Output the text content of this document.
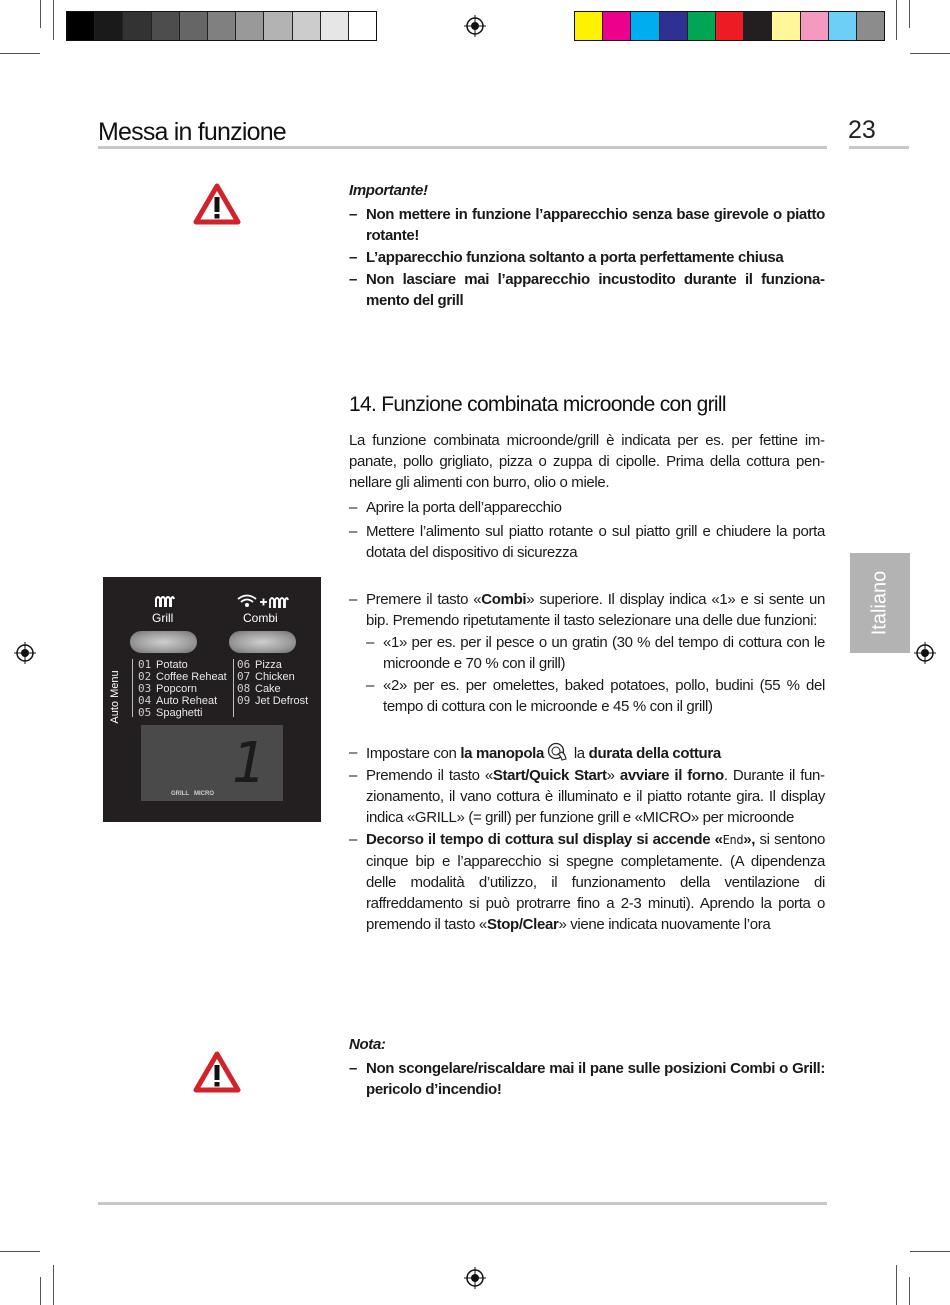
Messa in funzione	23
Italiano
Importante!
– Non mettere in funzione l’apparecchio senza base girevole o piatto rotante!
– L’apparecchio funziona soltanto a porta perfettamente chiusa
– Non lasciare mai l’apparecchio incustodito durante il funzionamento del grill
14. Funzione combinata microonde con grill

La funzione combinata microonde/grill è indicata per es. per fettine impanate, pollo grigliato, pizza o zuppa di cipolle. Prima della cottura pennellare gli alimenti con burro, olio o miele.

– Aprire la porta dell’apparecchio
– Mettere l’alimento sul piatto rotante o sul piatto grill e chiudere la porta dotata del dispositivo di sicurezza
– Premere il tasto «Combi» superiore. Il display indica «1» e si sente un bip. Premendo ripetutamente il tasto selezionare una delle due funzioni:
– «1» per es. per il pesce o un gratin (30 % del tempo di cottura con le microonde e 70 % con il grill)
– «2» per es. per omelettes, baked potatoes, pollo, budini (55 % del tempo di cottura con le microonde e 45 % con il grill)
– Impostare con la manopola la durata della cottura
– Premendo il tasto «Start/Quick Start» avviare il forno. Durante il funzionamento, il vano cottura è illuminato e il piatto rotante gira. Il display indica «GRILL» (= grill) per funzione grill e «MICRO» per microonde
– Decorso il tempo di cottura sul display si accende «End», si sentono cinque bip e l’apparecchio si spegne completamente. (A dipendenza delle modalità d’utilizzo, il funzionamento della ventilazione di raffreddamento si può protrarre fino a 2-3 minuti). Aprendo la porta o premendo il tasto «Stop/Clear» viene indicata nuovamente l’ora
Grill	Combi
Auto Menu
01 Potato
02 Coffee Reheat
03 Popcorn
04 Auto Reheat
05 Spaghetti
06 Pizza
07 Chicken
08 Cake
09 Jet Defrost
1
GRILL MICRO
Nota:
– Non scongelare/riscaldare mai il pane sulle posizioni Combi o Grill: pericolo d’incendio!
